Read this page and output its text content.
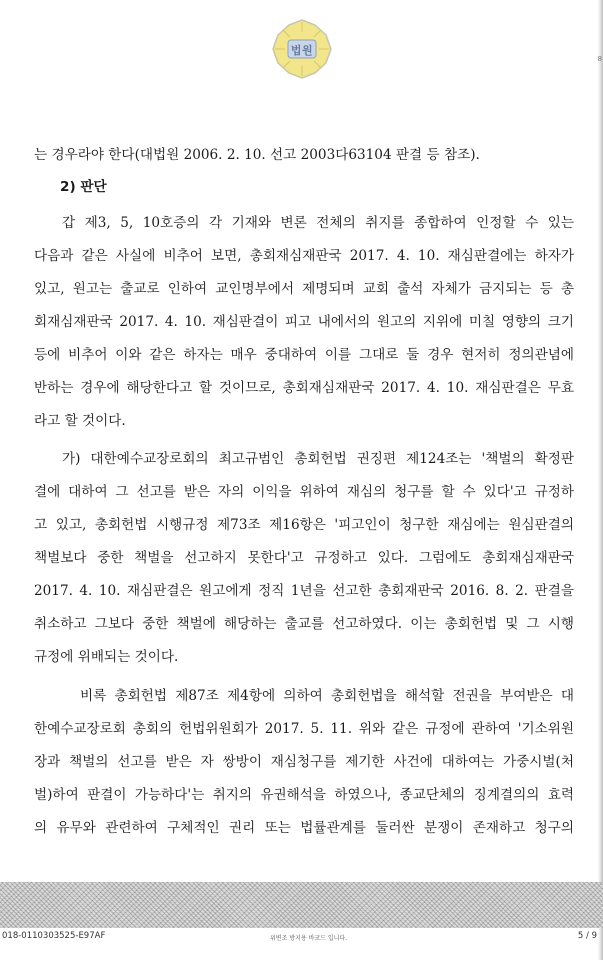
8
법원
는 경우라야 한다(대법원 2006. 2. 10. 선고 2003다63104 판결 등 참조).
2) 판단
갑 제3, 5, 10호증의 각 기재와 변론 전체의 취지를 종합하여 인정할 수 있는
다음과 같은 사실에 비추어 보면, 총회재심재판국 2017. 4. 10. 재심판결에는 하자가
있고, 원고는 출교로 인하여 교인명부에서 제명되며 교회 출석 자체가 금지되는 등 총
회재심재판국 2017. 4. 10. 재심판결이 피고 내에서의 원고의 지위에 미칠 영향의 크기
등에 비추어 이와 같은 하자는 매우 중대하여 이를 그대로 둘 경우 현저히 정의관념에
반하는 경우에 해당한다고 할 것이므로, 총회재심재판국 2017. 4. 10. 재심판결은 무효
라고 할 것이다.
가) 대한예수교장로회의 최고규범인 총회헌법 권징편 제124조는 '책벌의 확정판
결에 대하여 그 선고를 받은 자의 이익을 위하여 재심의 청구를 할 수 있다'고 규정하
고 있고, 총회헌법 시행규정 제73조 제16항은 '피고인이 청구한 재심에는 원심판결의
책벌보다 중한 책벌을 선고하지 못한다'고 규정하고 있다. 그럼에도 총회재심재판국
2017. 4. 10. 재심판결은 원고에게 정직 1년을 선고한 총회재판국 2016. 8. 2. 판결을
취소하고 그보다 중한 책벌에 해당하는 출교를 선고하였다. 이는 총회헌법 및 그 시행
규정에 위배되는 것이다.
비록 총회헌법 제87조 제4항에 의하여 총회헌법을 해석할 전권을 부여받은 대
한예수교장로회 총회의 헌법위원회가 2017. 5. 11. 위와 같은 규정에 관하여 '기소위원
장과 책벌의 선고를 받은 자 쌍방이 재심청구를 제기한 사건에 대하여는 가중시벌(처
벌)하여 판결이 가능하다'는 취지의 유권해석을 하였으나, 종교단체의 징계결의의 효력
의 유무와 관련하여 구체적인 권리 또는 법률관계를 둘러싼 분쟁이 존재하고 청구의
018-0110303525-E97AF	위변조 방지용 바코드 입니다.	5 / 9
